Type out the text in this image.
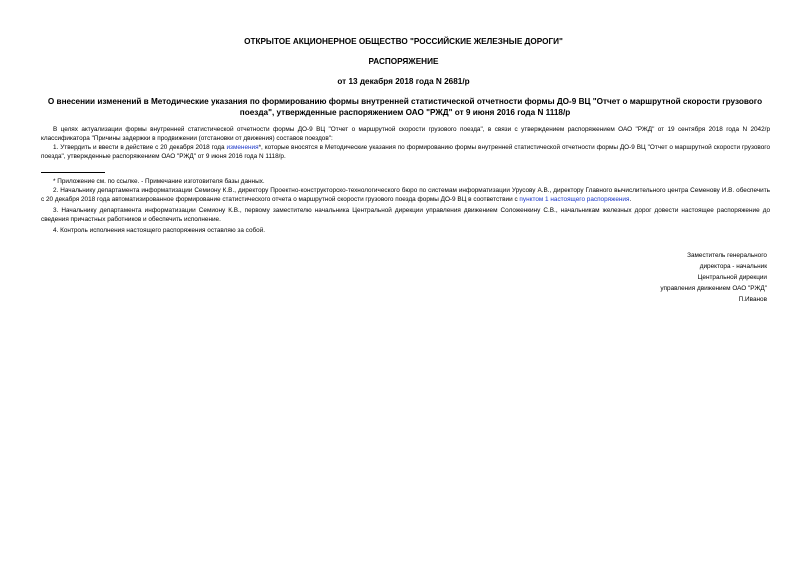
ОТКРЫТОЕ АКЦИОНЕРНОЕ ОБЩЕСТВО "РОССИЙСКИЕ ЖЕЛЕЗНЫЕ ДОРОГИ"
РАСПОРЯЖЕНИЕ
от 13 декабря 2018 года N 2681/р
О внесении изменений в Методические указания по формированию формы внутренней статистической отчетности формы ДО-9 ВЦ "Отчет о маршрутной скорости грузового поезда", утвержденные распоряжением ОАО "РЖД" от 9 июня 2016 года N 1118/р

В целях актуализации формы внутренней статистической отчетности формы ДО-9 ВЦ "Отчет о маршрутной скорости грузового поезда", в связи с утверждением распоряжением ОАО "РЖД" от 19 сентября 2018 года N 2042/р классификатора "Причины задержки в продвижении (отстановки от движения) составов поездов":

1. Утвердить и ввести в действие с 20 декабря 2018 года изменения*, которые вносятся в Методические указания по формированию формы внутренней статистической отчетности формы ДО-9 ВЦ "Отчет о маршрутной скорости грузового поезда", утвержденные распоряжением ОАО "РЖД" от 9 июня 2016 года N 1118/р.

* Приложение см. по ссылке. - Примечание изготовителя базы данных.

2. Начальнику департамента информатизации Семиону К.В., директору Проектно-конструкторско-технологического бюро по системам информатизации Урусову А.В., директору Главного вычислительного центра Семенову И.В. обеспечить с 20 декабря 2018 года автоматизированное формирование статистического отчета о маршрутной скорости грузового поезда формы ДО-9 ВЦ в соответствии с пунктом 1 настоящего распоряжения.

3. Начальнику департамента информатизации Семиону К.В., первому заместителю начальника Центральной дирекции управления движением Соложенкину С.В., начальникам железных дорог довести настоящее распоряжение до сведения причастных работников и обеспечить исполнение.

4. Контроль исполнения настоящего распоряжения оставляю за собой.

Заместитель генерального
директора - начальник
Центральной дирекции
управления движением ОАО "РЖД"
П.Иванов
